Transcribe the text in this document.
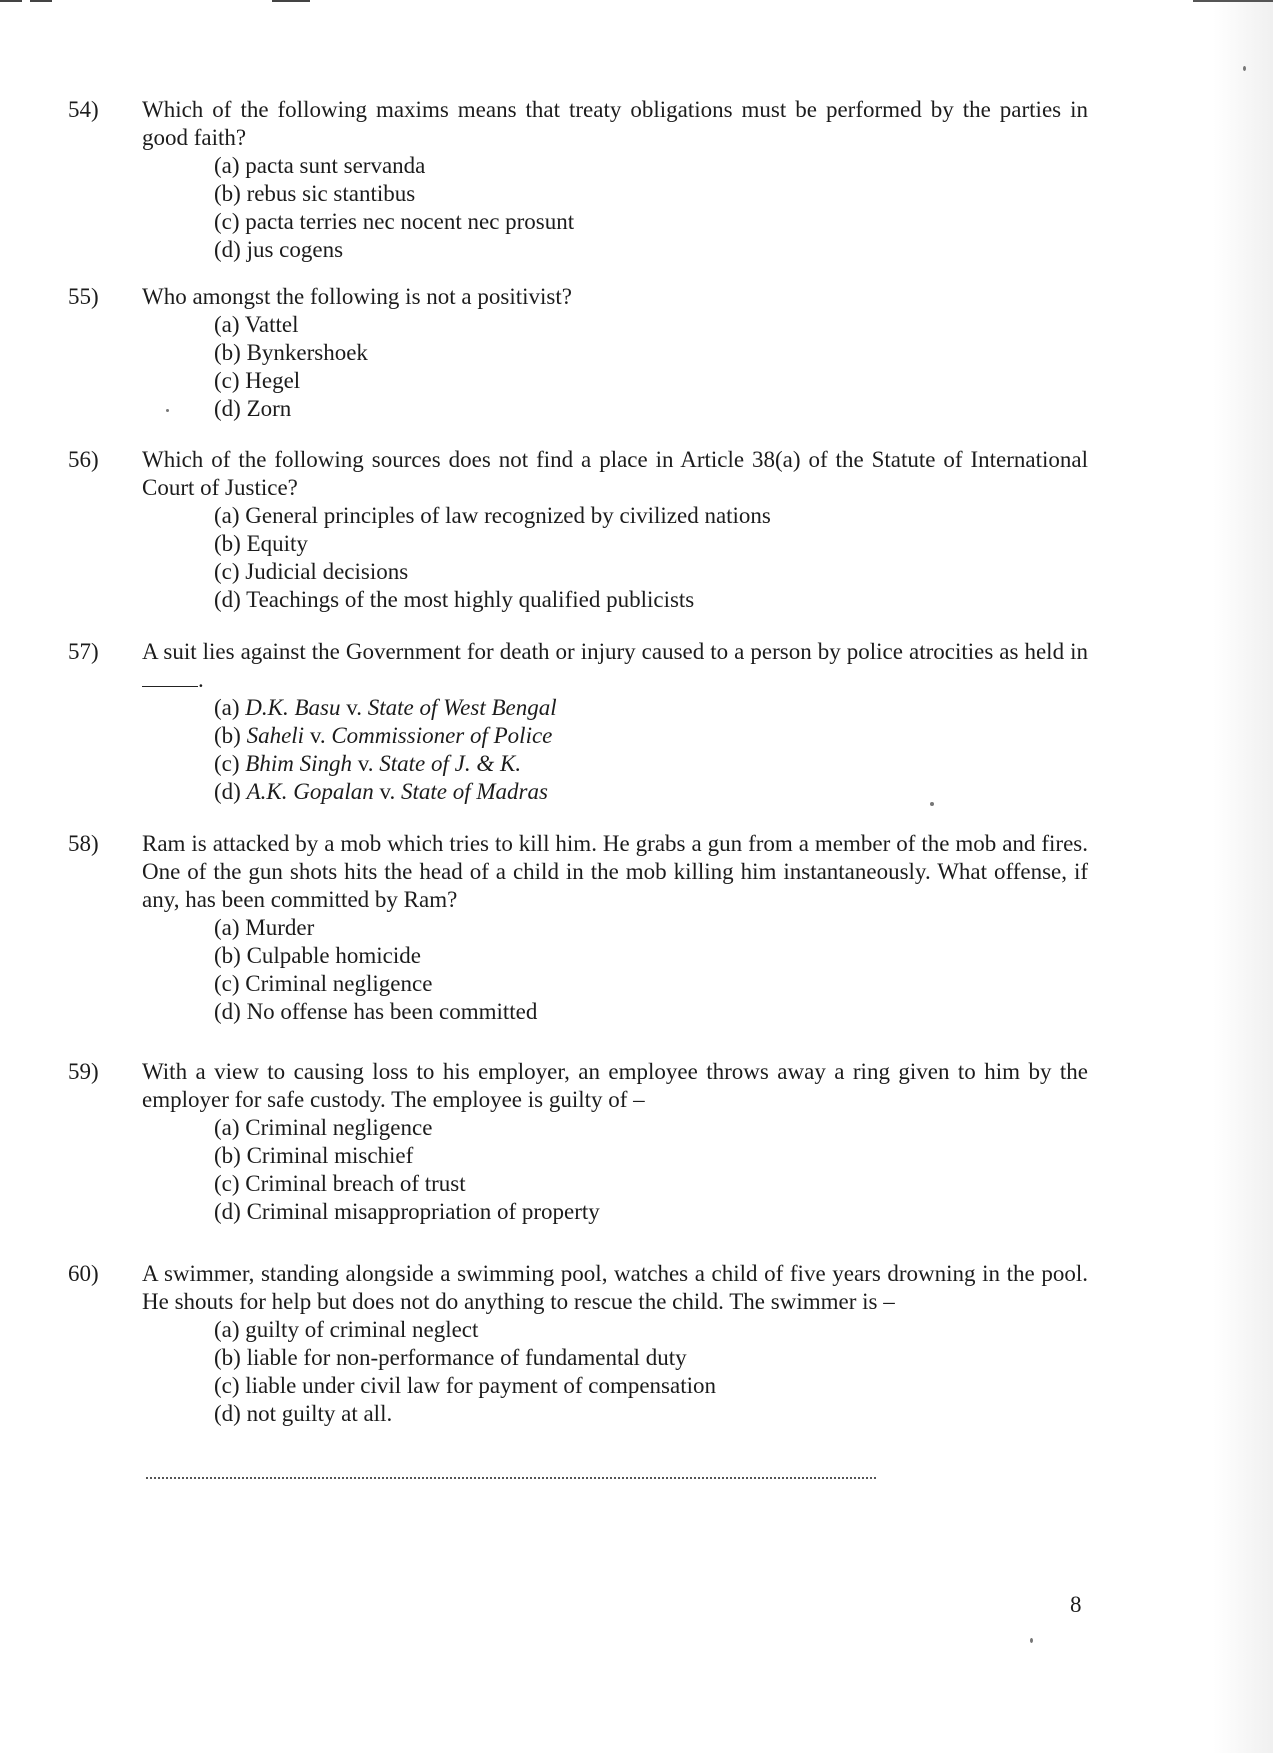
54)	Which of the following maxims means that treaty obligations must be performed by the parties in good faith?
(a) pacta sunt servanda
(b) rebus sic stantibus
(c) pacta terries nec nocent nec prosunt
(d) jus cogens
55)	Who amongst the following is not a positivist?
(a) Vattel
(b) Bynkershoek
(c) Hegel
(d) Zorn
56)	Which of the following sources does not find a place in Article 38(a) of the Statute of International Court of Justice?
(a) General principles of law recognized by civilized nations
(b) Equity
(c) Judicial decisions
(d) Teachings of the most highly qualified publicists
57)	A suit lies against the Government for death or injury caused to a person by police atrocities as held in .
(a) D.K. Basu v. State of West Bengal
(b) Saheli v. Commissioner of Police
(c) Bhim Singh v. State of J. & K.
(d) A.K. Gopalan v. State of Madras
58)	Ram is attacked by a mob which tries to kill him. He grabs a gun from a member of the mob and fires. One of the gun shots hits the head of a child in the mob killing him instantaneously. What offense, if any, has been committed by Ram?
(a) Murder
(b) Culpable homicide
(c) Criminal negligence
(d) No offense has been committed
59)	With a view to causing loss to his employer, an employee throws away a ring given to him by the employer for safe custody. The employee is guilty of –
(a) Criminal negligence
(b) Criminal mischief
(c) Criminal breach of trust
(d) Criminal misappropriation of property
60)	A swimmer, standing alongside a swimming pool, watches a child of five years drowning in the pool. He shouts for help but does not do anything to rescue the child. The swimmer is –
(a) guilty of criminal neglect
(b) liable for non-performance of fundamental duty
(c) liable under civil law for payment of compensation
(d) not guilty at all.
8
